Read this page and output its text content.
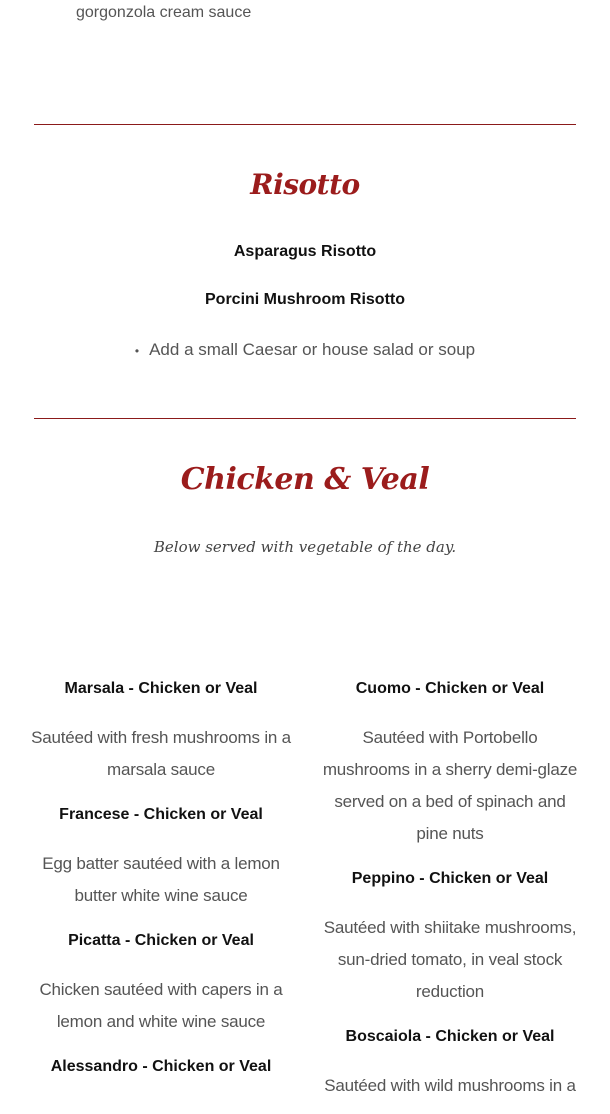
gorgonzola cream sauce
Risotto
Asparagus Risotto
Porcini Mushroom Risotto
• Add a small Caesar or house salad or soup
Chicken & Veal
Below served with vegetable of the day.
Marsala - Chicken or Veal

Sautéed with fresh mushrooms in a marsala sauce

Francese - Chicken or Veal

Egg batter sautéed with a lemon butter white wine sauce

Picatta - Chicken or Veal

Chicken sautéed with capers in a lemon and white wine sauce

Alessandro - Chicken or Veal
Cuomo - Chicken or Veal

Sautéed with Portobello mushrooms in a sherry demi-glaze served on a bed of spinach and pine nuts

Peppino - Chicken or Veal

Sautéed with shiitake mushrooms, sun-dried tomato, in veal stock reduction

Boscaiola - Chicken or Veal

Sautéed with wild mushrooms in a
